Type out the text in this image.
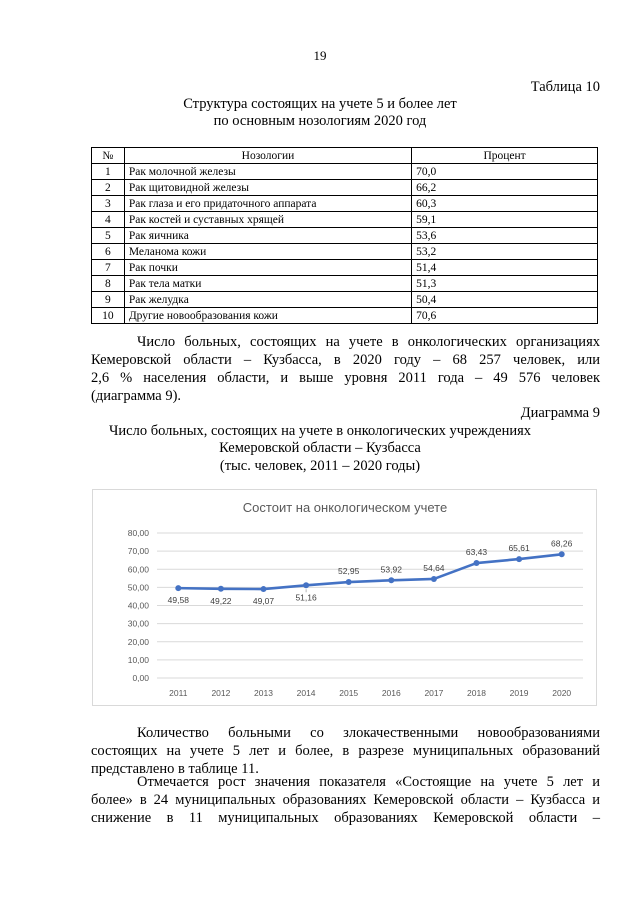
19
Таблица 10
Структура состоящих на учете 5 и более лет
по основным нозологиям 2020 год
№	Нозологии	Процент
1	Рак молочной железы	70,0
2	Рак щитовидной железы	66,2
3	Рак глаза и его придаточного аппарата	60,3
4	Рак костей и суставных хрящей	59,1
5	Рак яичника	53,6
6	Меланома кожи	53,2
7	Рак почки	51,4
8	Рак тела матки	51,3
9	Рак желудка	50,4
10	Другие новообразования кожи	70,6
Число больных, состоящих на учете в онкологических организациях
Кемеровской области – Кузбасса, в 2020 году – 68 257 человек, или
2,6 % населения области, и выше уровня 2011 года – 49 576 человек
(диаграмма 9).
Диаграмма 9
Число больных, состоящих на учете в онкологических учреждениях
Кемеровской области – Кузбасса
(тыс. человек, 2011 – 2020 годы)
Состоит на онкологическом учете
0,00
10,00
20,00
30,00
40,00
50,00
60,00
70,00
80,00
2011	2012	2013	2014	2015	2016	2017	2018	2019	2020
49,58	49,22	49,07	51,16
52,95	53,92	54,64
63,43	65,61	68,26
Количество больными со злокачественными новообразованиями
состоящих на учете 5 лет и более, в разрезе муниципальных образований
представлено в таблице 11.
Отмечается рост значения показателя «Состоящие на учете 5 лет и
более» в 24 муниципальных образованиях Кемеровской области – Кузбасса и
снижение в 11 муниципальных образованиях Кемеровской области –
